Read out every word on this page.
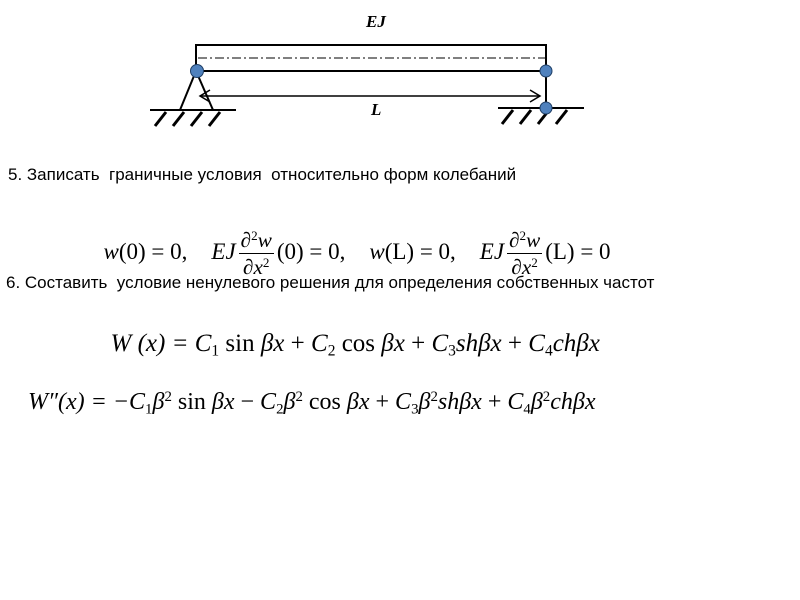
EJ
L
5. Записать  граничные условия  относительно форм колебаний

w(0) = 0, EJ $\frac{\partial^2w}{\partial x^2} (0) = 0$, w(L) = 0, EJ $\frac{\partial^2w}{\partial x^2} (L) = 0$

6. Составить  условие ненулевого решения для определения собственных частот

W $(x) = C_1$ $\sin \beta x + C_2$ $\cos \beta x + C_3sh\beta x + C_4ch\beta x$

$W''(x) = -C_1\beta^2$ $\sin \beta x - C_2\beta^2$ $\cos \beta x + C_3\beta^2sh\beta x + C_4\beta^2ch\beta x$
